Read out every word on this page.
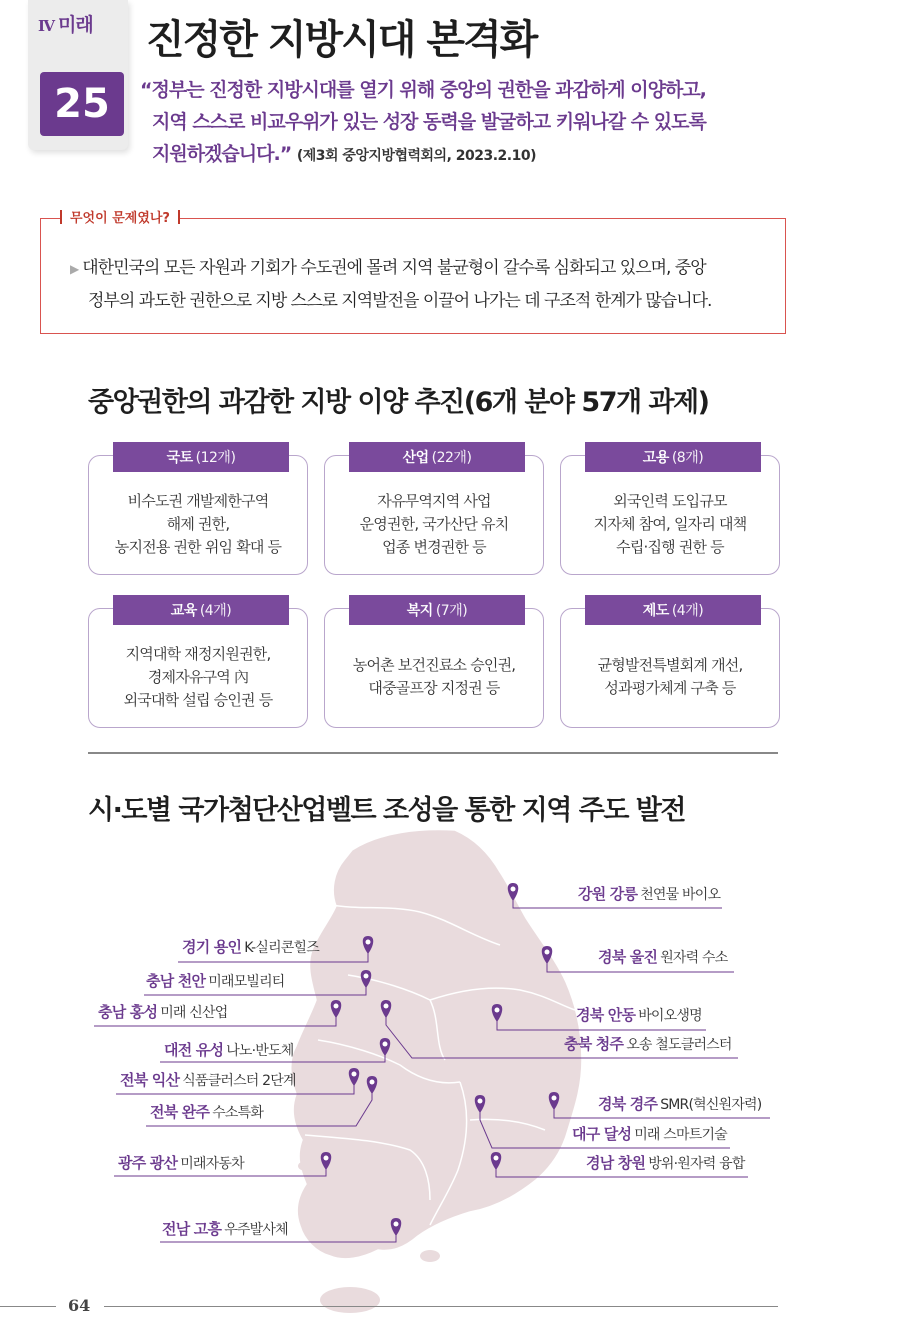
Ⅳ 미래
25
진정한 지방시대 본격화
“정부는 진정한 지방시대를 열기 위해 중앙의 권한을 과감하게 이양하고,
지역 스스로 비교우위가 있는 성장 동력을 발굴하고 키워나갈 수 있도록
지원하겠습니다.” (제3회 중앙지방협력회의, 2023.2.10)
무엇이 문제였나?
▶ 대한민국의 모든 자원과 기회가 수도권에 몰려 지역 불균형이 갈수록 심화되고 있으며, 중앙
정부의 과도한 권한으로 지방 스스로 지역발전을 이끌어 나가는 데 구조적 한계가 많습니다.
중앙권한의 과감한 지방 이양 추진(6개 분야 57개 과제)
국토 (12개)
비수도권 개발제한구역
해제 권한,
농지전용 권한 위임 확대 등
산업 (22개)
자유무역지역 사업
운영권한, 국가산단 유치
업종 변경권한 등
고용 (8개)
외국인력 도입규모
지자체 참여, 일자리 대책
수립·집행 권한 등
교육 (4개)
지역대학 재정지원권한,
경제자유구역 內
외국대학 설립 승인권 등
복지 (7개)
농어촌 보건진료소 승인권,
대중골프장 지정권 등
제도 (4개)
균형발전특별회계 개선,
성과평가체계 구축 등
시·도별 국가첨단산업벨트 조성을 통한 지역 주도 발전
강원 강릉 천연물 바이오
경기 용인 K-실리콘힐즈	경북 울진 원자력 수소
충남 천안 미래모빌리티
충남 홍성 미래 신산업	경북 안동 바이오생명
충북 청주 오송 철도클러스터
대전 유성 나노·반도체
전북 익산 식품클러스터 2단계
경북 경주 SMR(혁신원자력)
전북 완주 수소특화
대구 달성 미래 스마트기술
광주 광산 미래자동차	경남 창원 방위·원자력 융합
전남 고흥 우주발사체
64
